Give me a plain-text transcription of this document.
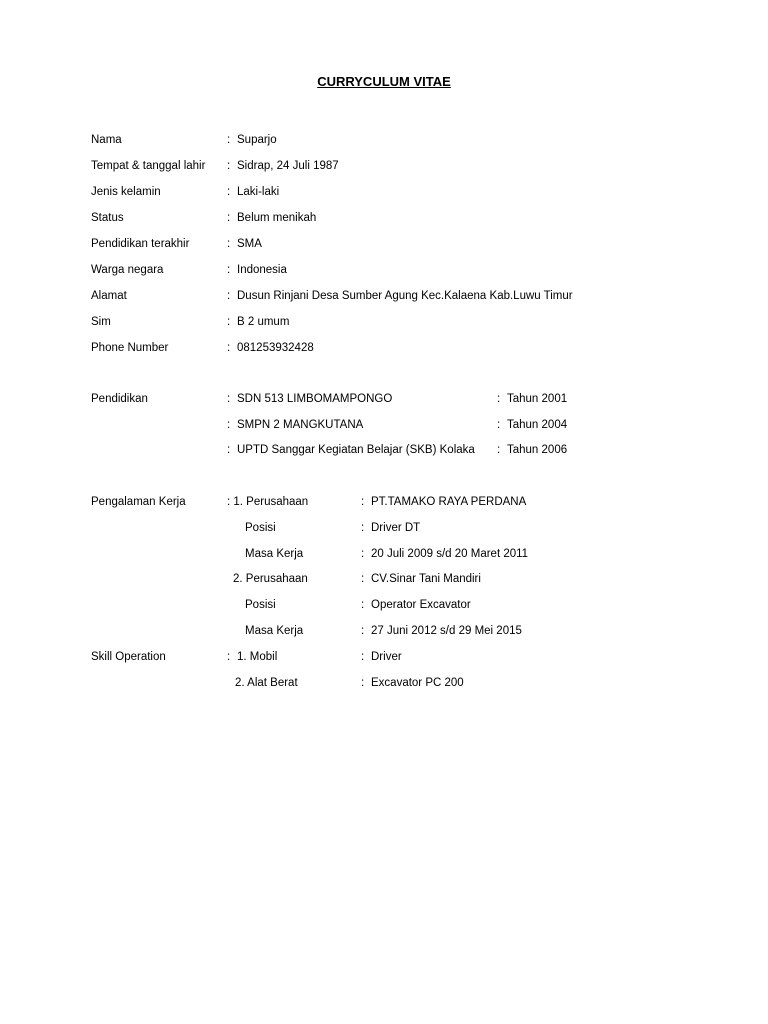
CURRYCULUM VITAE
Nama	: Suparjo
Tempat & tanggal lahir : Sidrap, 24 Juli 1987
Jenis kelamin	: Laki-laki
Status	: Belum menikah
Pendidikan terakhir	: SMA
Warga negara	: Indonesia
Alamat	: Dusun Rinjani Desa Sumber Agung Kec.Kalaena Kab.Luwu Timur
Sim	: B 2 umum
Phone Number	: 081253932428
Pendidikan	: SDN 513 LIMBOMAMPONGO	: Tahun 2001
: SMPN 2 MANGKUTANA	: Tahun 2004
: UPTD Sanggar Kegiatan Belajar (SKB) Kolaka : Tahun 2006
Pengalaman Kerja	: 1. Perusahaan	: PT.TAMAKO RAYA PERDANA
Posisi	: Driver DT
Masa Kerja	: 20 Juli 2009 s/d 20 Maret 2011
2. Perusahaan	: CV.Sinar Tani Mandiri
Posisi	: Operator Excavator
Masa Kerja	: 27 Juni 2012 s/d 29 Mei 2015
Skill Operation	: 1. Mobil	: Driver
2. Alat Berat	: Excavator PC 200
